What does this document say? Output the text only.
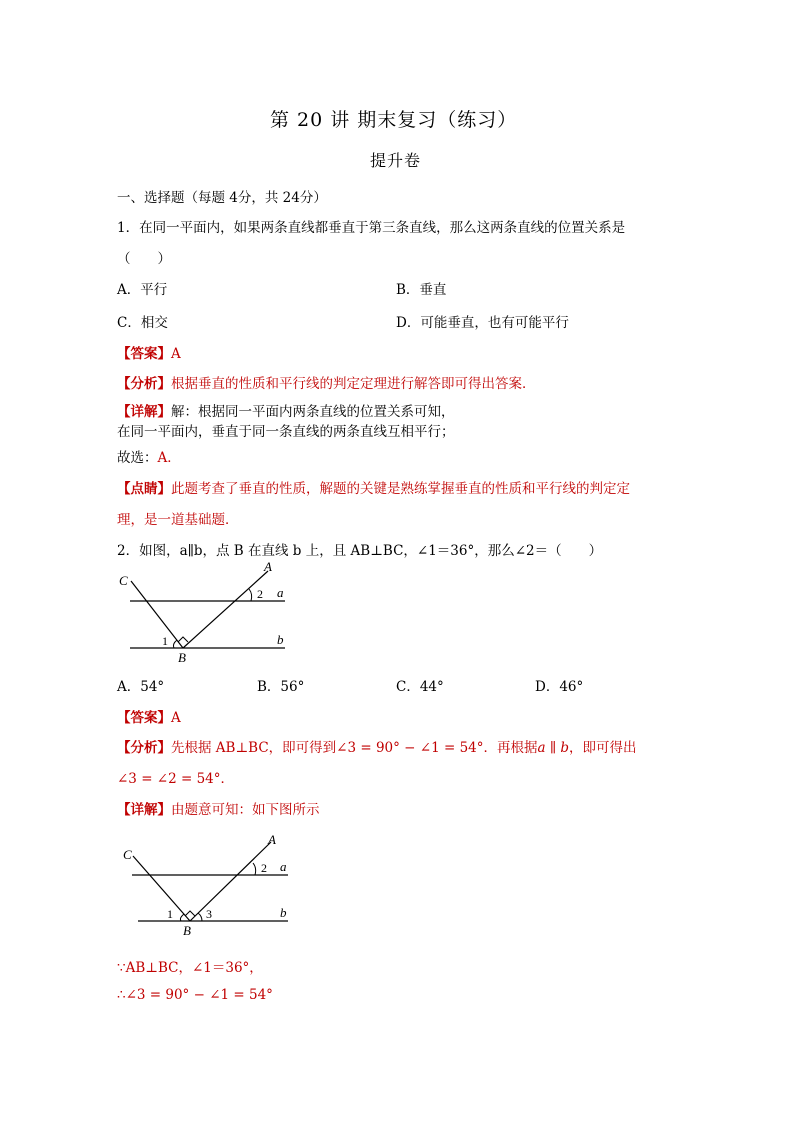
第 20 讲 期末复习（练习）
提升卷
一、选择题（每题 4分，共 24分）
1．在同一平面内，如果两条直线都垂直于第三条直线，那么这两条直线的位置关系是
（　　）
A．平行	B．垂直
C．相交	D．可能垂直，也有可能平行
【答案】A
【分析】根据垂直的性质和平行线的判定定理进行解答即可得出答案．
【详解】解：根据同一平面内两条直线的位置关系可知，
在同一平面内，垂直于同一条直线的两条直线互相平行；
故选：A．
【点睛】此题考查了垂直的性质，解题的关键是熟练掌握垂直的性质和平行线的判定定
理，是一道基础题．
2．如图，a∥b，点 B 在直线 b 上，且 AB⊥BC，∠1＝36°，那么∠2＝（　　）
C
A
B
a
b
1
2
A．54°	B．56°	C．44°	D．46°
【答案】A
【分析】先根据 AB⊥BC，即可得到∠3 = 90° − ∠1 = 54°．再根据a ∥ b，即可得出
∠3 = ∠2 = 54°．
【详解】由题意可知：如下图所示
C
A
B
a
b
1	3
2
∵AB⊥BC，∠1＝36°，
∴∠3 = 90° − ∠1 = 54°
